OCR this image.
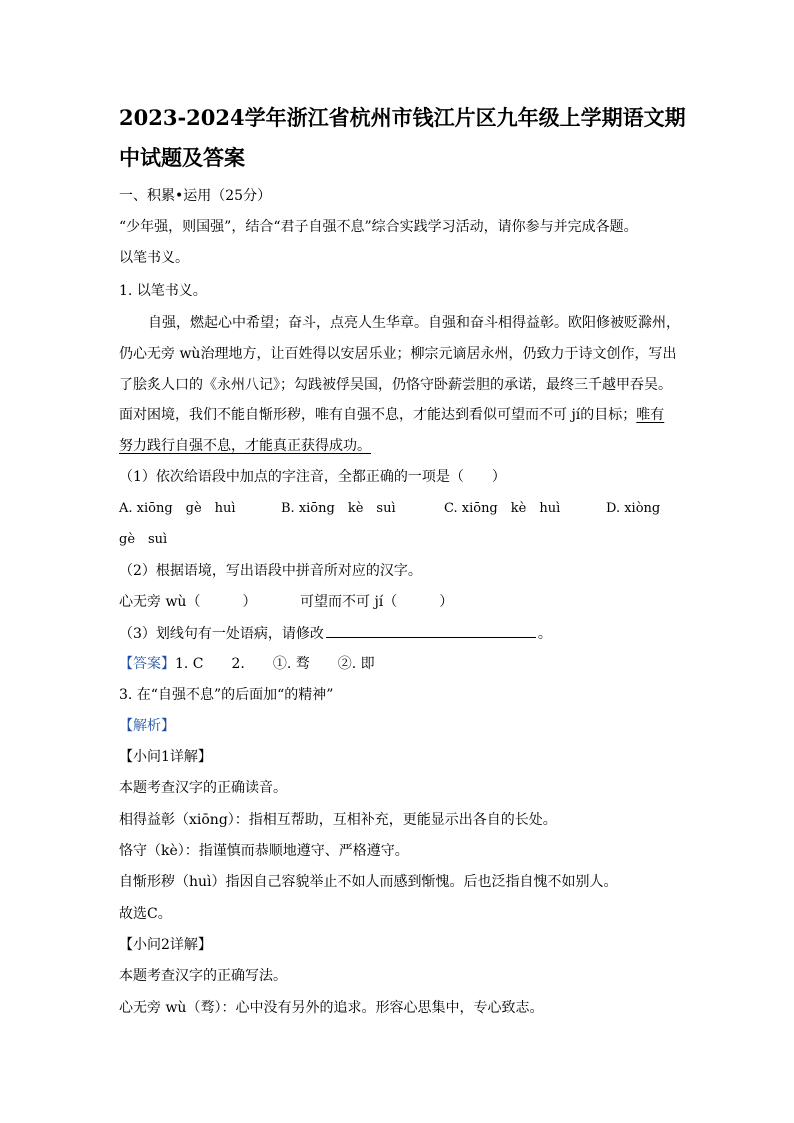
2023-2024学年浙江省杭州市钱江片区九年级上学期语文期
中试题及答案
一、积累•运用（25分）
“少年强，则国强”，结合“君子自强不息”综合实践学习活动，请你参与并完成各题。
以笔书义。
1. 以笔书义。
自强，燃起心中希望；奋斗，点亮人生华章。自强和奋斗相得益彰。欧阳修被贬滁州，
仍心无旁 wù治理地方，让百姓得以安居乐业；柳宗元谪居永州，仍致力于诗文创作，写出
了脍炙人口的《永州八记》；勾践被俘吴国，仍恪守卧薪尝胆的承诺，最终三千越甲吞吴。
面对困境，我们不能自惭形秽，唯有自强不息，才能达到看似可望而不可 jí的目标；唯有
努力践行自强不息，才能真正获得成功。
（1）依次给语段中加点的字注音，全都正确的一项是（　　）
A. xiōng　gè　huì	B. xiōng　kè　suì	C. xiōng　kè　huì	D. xiòng
gè　suì
（2）根据语境，写出语段中拼音所对应的汉字。
心无旁 wù（　　　）	可望而不可 jí（　　　）
（3）划线句有一处语病，请修改	。
【答案】1. C　　2.　　①. 骛　　②. 即
3. 在“自强不息”的后面加“的精神”
【解析】
【小问1详解】
本题考查汉字的正确读音。
相得益彰（xiōng）：指相互帮助，互相补充，更能显示出各自的长处。
恪守（kè）：指谨慎而恭顺地遵守、严格遵守。
自惭形秽（huì）指因自己容貌举止不如人而感到惭愧。后也泛指自愧不如别人。
故选C。
【小问2详解】
本题考查汉字的正确写法。
心无旁 wù（骛）：心中没有另外的追求。形容心思集中，专心致志。
